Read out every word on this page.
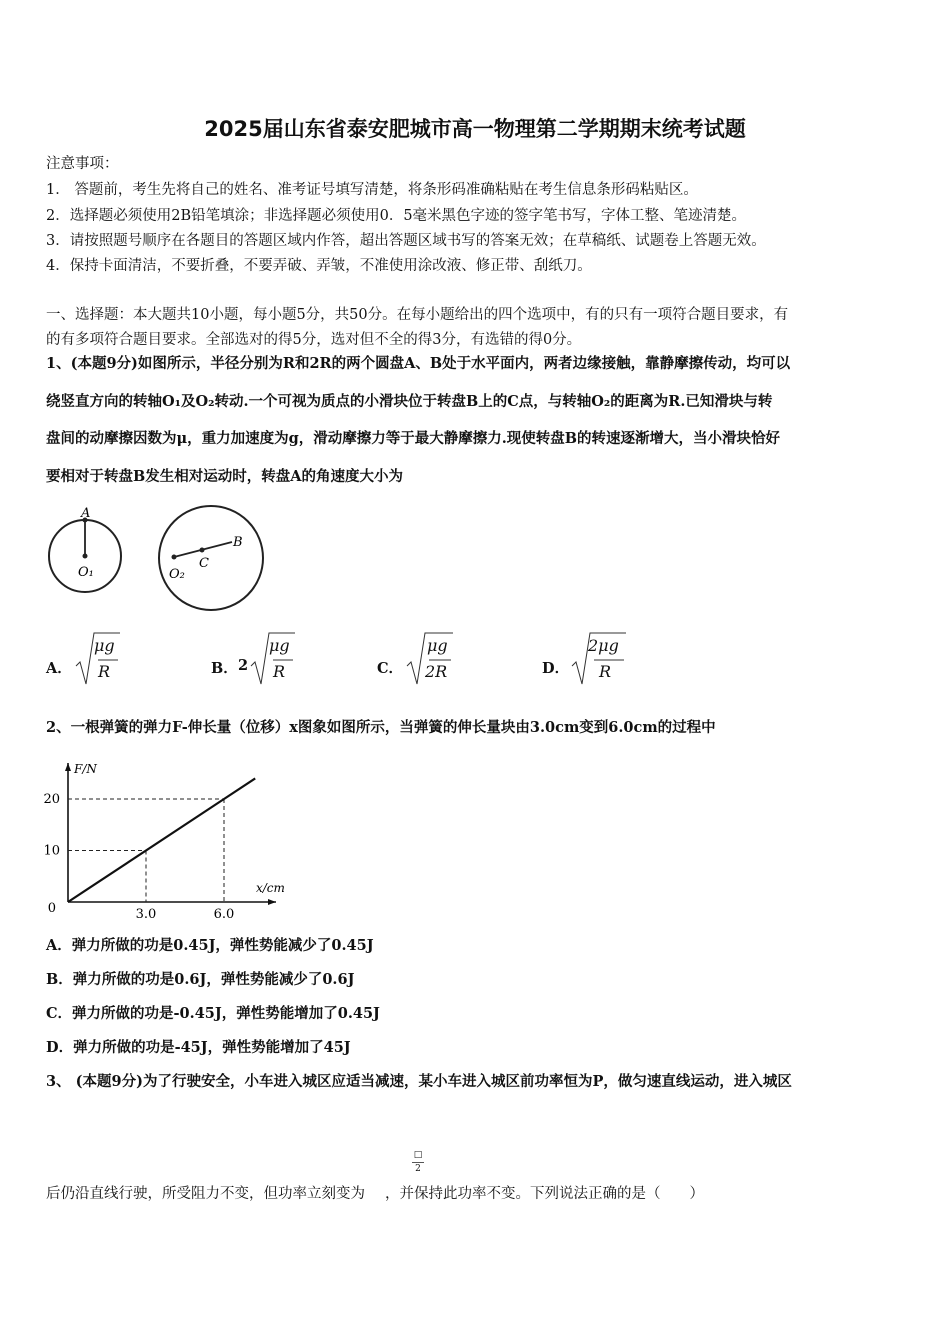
2025届山东省泰安肥城市高一物理第二学期期末统考试题
注意事项：
1． 答题前，考生先将自己的姓名、准考证号填写清楚，将条形码准确粘贴在考生信息条形码粘贴区。
2．选择题必须使用2B铅笔填涂；非选择题必须使用0．5毫米黑色字迹的签字笔书写，字体工整、笔迹清楚。
3．请按照题号顺序在各题目的答题区域内作答，超出答题区域书写的答案无效；在草稿纸、试题卷上答题无效。
4．保持卡面清洁，不要折叠，不要弄破、弄皱，不准使用涂改液、修正带、刮纸刀。
一、选择题：本大题共10小题，每小题5分，共50分。在每小题给出的四个选项中，有的只有一项符合题目要求，有
的有多项符合题目要求。全部选对的得5分，选对但不全的得3分，有选错的得0分。
1、(本题9分)如图所示，半径分别为R和2R的两个圆盘A、B处于水平面内，两者边缘接触，靠静摩擦传动，均可以
绕竖直方向的转轴O₁及O₂转动.一个可视为质点的小滑块位于转盘B上的C点，与转轴O₂的距离为R.已知滑块与转
盘间的动摩擦因数为μ，重力加速度为g，滑动摩擦力等于最大静摩擦力.现使转盘B的转速逐渐增大，当小滑块恰好
要相对于转盘B发生相对运动时，转盘A的角速度大小为
A
O₁	O₂
C
B
A．
μg
R	B． 2
μg
R	C．
μg
2R	D．
2μg
R
2、一根弹簧的弹力F-伸长量（位移）x图象如图所示，当弹簧的伸长量块由3.0cm变到6.0cm的过程中
3.0	6.0
10
20
0
x/cm
F/N
A．弹力所做的功是0.45J，弹性势能减少了0.45J
B．弹力所做的功是0.6J，弹性势能减少了0.6J
C．弹力所做的功是-0.45J，弹性势能增加了0.45J
D．弹力所做的功是-45J，弹性势能增加了45J
3、 (本题9分)为了行驶安全，小车进入城区应适当减速，某小车进入城区前功率恒为P，做匀速直线运动，进入城区
□
2
后仍沿直线行驶，所受阻力不变，但功率立刻变为 ，并保持此功率不变。下列说法正确的是（　　）
